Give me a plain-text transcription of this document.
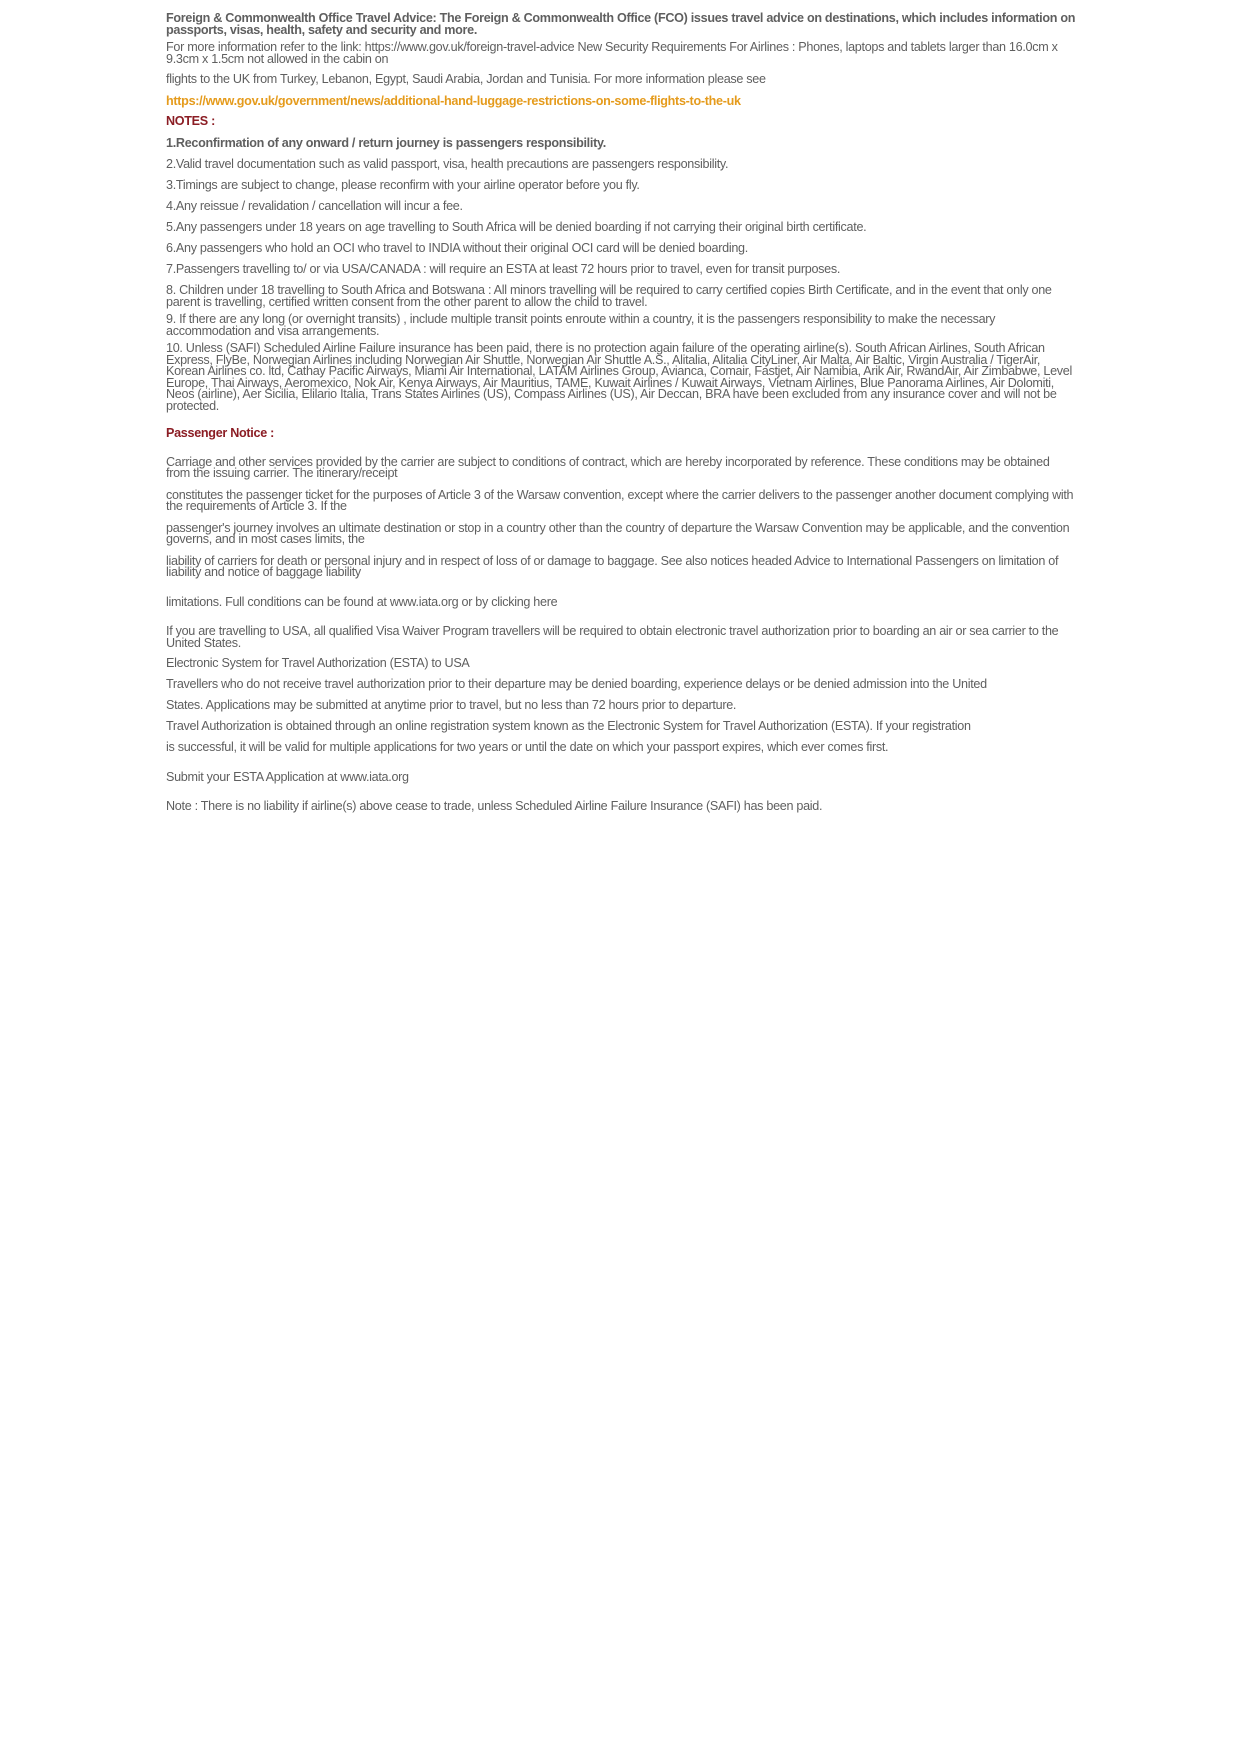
Foreign & Commonwealth Office Travel Advice: The Foreign & Commonwealth Office (FCO) issues travel advice on destinations, which includes information on passports, visas, health, safety and security and more.

For more information refer to the link: https://www.gov.uk/foreign-travel-advice New Security Requirements For Airlines : Phones, laptops and tablets larger than 16.0cm x 9.3cm x 1.5cm not allowed in the cabin on

flights to the UK from Turkey, Lebanon, Egypt, Saudi Arabia, Jordan and Tunisia. For more information please see

https://www.gov.uk/government/news/additional-hand-luggage-restrictions-on-some-flights-to-the-uk

NOTES :

1.Reconfirmation of any onward / return journey is passengers responsibility.

2.Valid travel documentation such as valid passport, visa, health precautions are passengers responsibility.

3.Timings are subject to change, please reconfirm with your airline operator before you fly.

4.Any reissue / revalidation / cancellation will incur a fee.

5.Any passengers under 18 years on age travelling to South Africa will be denied boarding if not carrying their original birth certificate.

6.Any passengers who hold an OCI who travel to INDIA without their original OCI card will be denied boarding.

7.Passengers travelling to/ or via USA/CANADA : will require an ESTA at least 72 hours prior to travel, even for transit purposes.

8. Children under 18 travelling to South Africa and Botswana : All minors travelling will be required to carry certified copies Birth Certificate, and in the event that only one parent is travelling, certified written consent from the other parent to allow the child to travel.

9. If there are any long (or overnight transits) , include multiple transit points enroute within a country, it is the passengers responsibility to make the necessary accommodation and visa arrangements.

10. Unless (SAFI) Scheduled Airline Failure insurance has been paid, there is no protection again failure of the operating airline(s). South African Airlines, South African Express, FlyBe, Norwegian Airlines including Norwegian Air Shuttle, Norwegian Air Shuttle A.S., Alitalia, Alitalia CityLiner, Air Malta, Air Baltic, Virgin Australia / TigerAir, Korean Airlines co. ltd, Cathay Pacific Airways, Miami Air International, LATAM Airlines Group, Avianca, Comair, Fastjet, Air Namibia, Arik Air, RwandAir, Air Zimbabwe, Level Europe, Thai Airways, Aeromexico, Nok Air, Kenya Airways, Air Mauritius, TAME, Kuwait Airlines / Kuwait Airways, Vietnam Airlines, Blue Panorama Airlines, Air Dolomiti, Neos (airline), Aer Sicilia, Elilario Italia, Trans States Airlines (US), Compass Airlines (US), Air Deccan, BRA have been excluded from any insurance cover and will not be protected.

Passenger Notice :

Carriage and other services provided by the carrier are subject to conditions of contract, which are hereby incorporated by reference. These conditions may be obtained from the issuing carrier. The itinerary/receipt

constitutes the passenger ticket for the purposes of Article 3 of the Warsaw convention, except where the carrier delivers to the passenger another document complying with the requirements of Article 3. If the

passenger's journey involves an ultimate destination or stop in a country other than the country of departure the Warsaw Convention may be applicable, and the convention governs, and in most cases limits, the

liability of carriers for death or personal injury and in respect of loss of or damage to baggage. See also notices headed Advice to International Passengers on limitation of liability and notice of baggage liability

limitations. Full conditions can be found at www.iata.org or by clicking here

If you are travelling to USA, all qualified Visa Waiver Program travellers will be required to obtain electronic travel authorization prior to boarding an air or sea carrier to the United States.

Electronic System for Travel Authorization (ESTA) to USA

Travellers who do not receive travel authorization prior to their departure may be denied boarding, experience delays or be denied admission into the United

States. Applications may be submitted at anytime prior to travel, but no less than 72 hours prior to departure.

Travel Authorization is obtained through an online registration system known as the Electronic System for Travel Authorization (ESTA). If your registration

is successful, it will be valid for multiple applications for two years or until the date on which your passport expires, which ever comes first.

Submit your ESTA Application at www.iata.org

Note : There is no liability if airline(s) above cease to trade, unless Scheduled Airline Failure Insurance (SAFI) has been paid.
